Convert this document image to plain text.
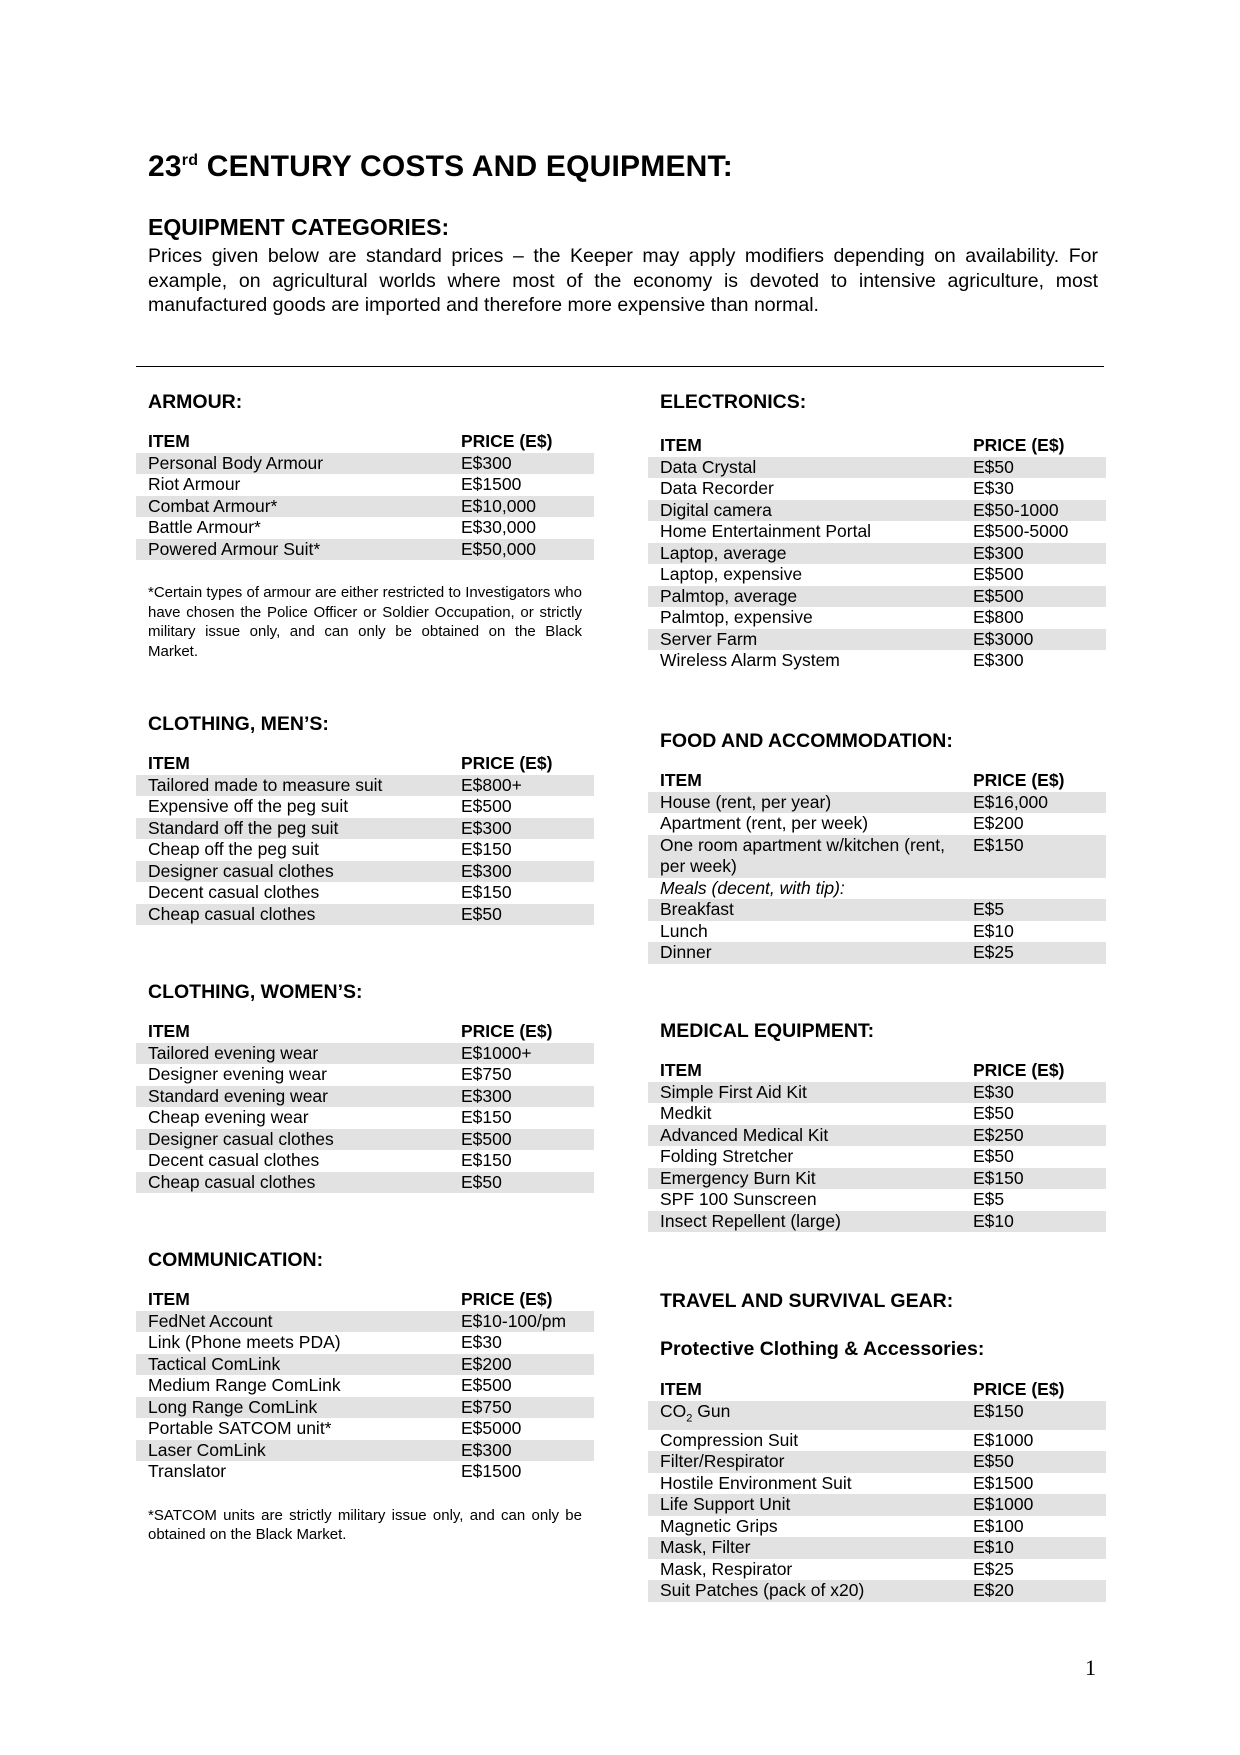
23rd CENTURY COSTS AND EQUIPMENT:
EQUIPMENT CATEGORIES:

Prices given below are standard prices – the Keeper may apply modifiers depending on availability. For example, on agricultural worlds where most of the economy is devoted to intensive agriculture, most manufactured goods are imported and therefore more expensive than normal.

ARMOUR:
ITEM	PRICE (E$)
Personal Body Armour	E$300
Riot Armour	E$1500
Combat Armour*	E$10,000
Battle Armour*	E$30,000
Powered Armour Suit*	E$50,000

*Certain types of armour are either restricted to Investigators who have chosen the Police Officer or Soldier Occupation, or strictly military issue only, and can only be obtained on the Black Market.

CLOTHING, MEN’S:
ITEM	PRICE (E$)
Tailored made to measure suit	E$800+
Expensive off the peg suit	E$500
Standard off the peg suit	E$300
Cheap off the peg suit	E$150
Designer casual clothes	E$300
Decent casual clothes	E$150
Cheap casual clothes	E$50
CLOTHING, WOMEN’S:
ITEM	PRICE (E$)
Tailored evening wear	E$1000+
Designer evening wear	E$750
Standard evening wear	E$300
Cheap evening wear	E$150
Designer casual clothes	E$500
Decent casual clothes	E$150
Cheap casual clothes	E$50
COMMUNICATION:
ITEM	PRICE (E$)
FedNet Account	E$10-100/pm
Link (Phone meets PDA)	E$30
Tactical ComLink	E$200
Medium Range ComLink	E$500
Long Range ComLink	E$750
Portable SATCOM unit*	E$5000
Laser ComLink	E$300
Translator	E$1500

*SATCOM units are strictly military issue only, and can only be obtained on the Black Market.

ELECTRONICS:
ITEM	PRICE (E$)
Data Crystal	E$50
Data Recorder	E$30
Digital camera	E$50-1000
Home Entertainment Portal	E$500-5000
Laptop, average	E$300
Laptop, expensive	E$500
Palmtop, average	E$500
Palmtop, expensive	E$800
Server Farm	E$3000
Wireless Alarm System	E$300
FOOD AND ACCOMMODATION:
ITEM	PRICE (E$)
House (rent, per year)	E$16,000
Apartment (rent, per week)	E$200
One room apartment w/kitchen (rent, per week)	E$150
Meals (decent, with tip):	
Breakfast	E$5
Lunch	E$10
Dinner	E$25
MEDICAL EQUIPMENT:
ITEM	PRICE (E$)
Simple First Aid Kit	E$30
Medkit	E$50
Advanced Medical Kit	E$250
Folding Stretcher	E$50
Emergency Burn Kit	E$150
SPF 100 Sunscreen	E$5
Insect Repellent (large)	E$10
TRAVEL AND SURVIVAL GEAR:
Protective Clothing & Accessories:
ITEM	PRICE (E$)
$CO_2$ Gun	E$150
Compression Suit	E$1000
Filter/Respirator	E$50
Hostile Environment Suit	E$1500
Life Support Unit	E$1000
Magnetic Grips	E$100
Mask, Filter	E$10
Mask, Respirator	E$25
Suit Patches (pack of x20)	E$20
1
